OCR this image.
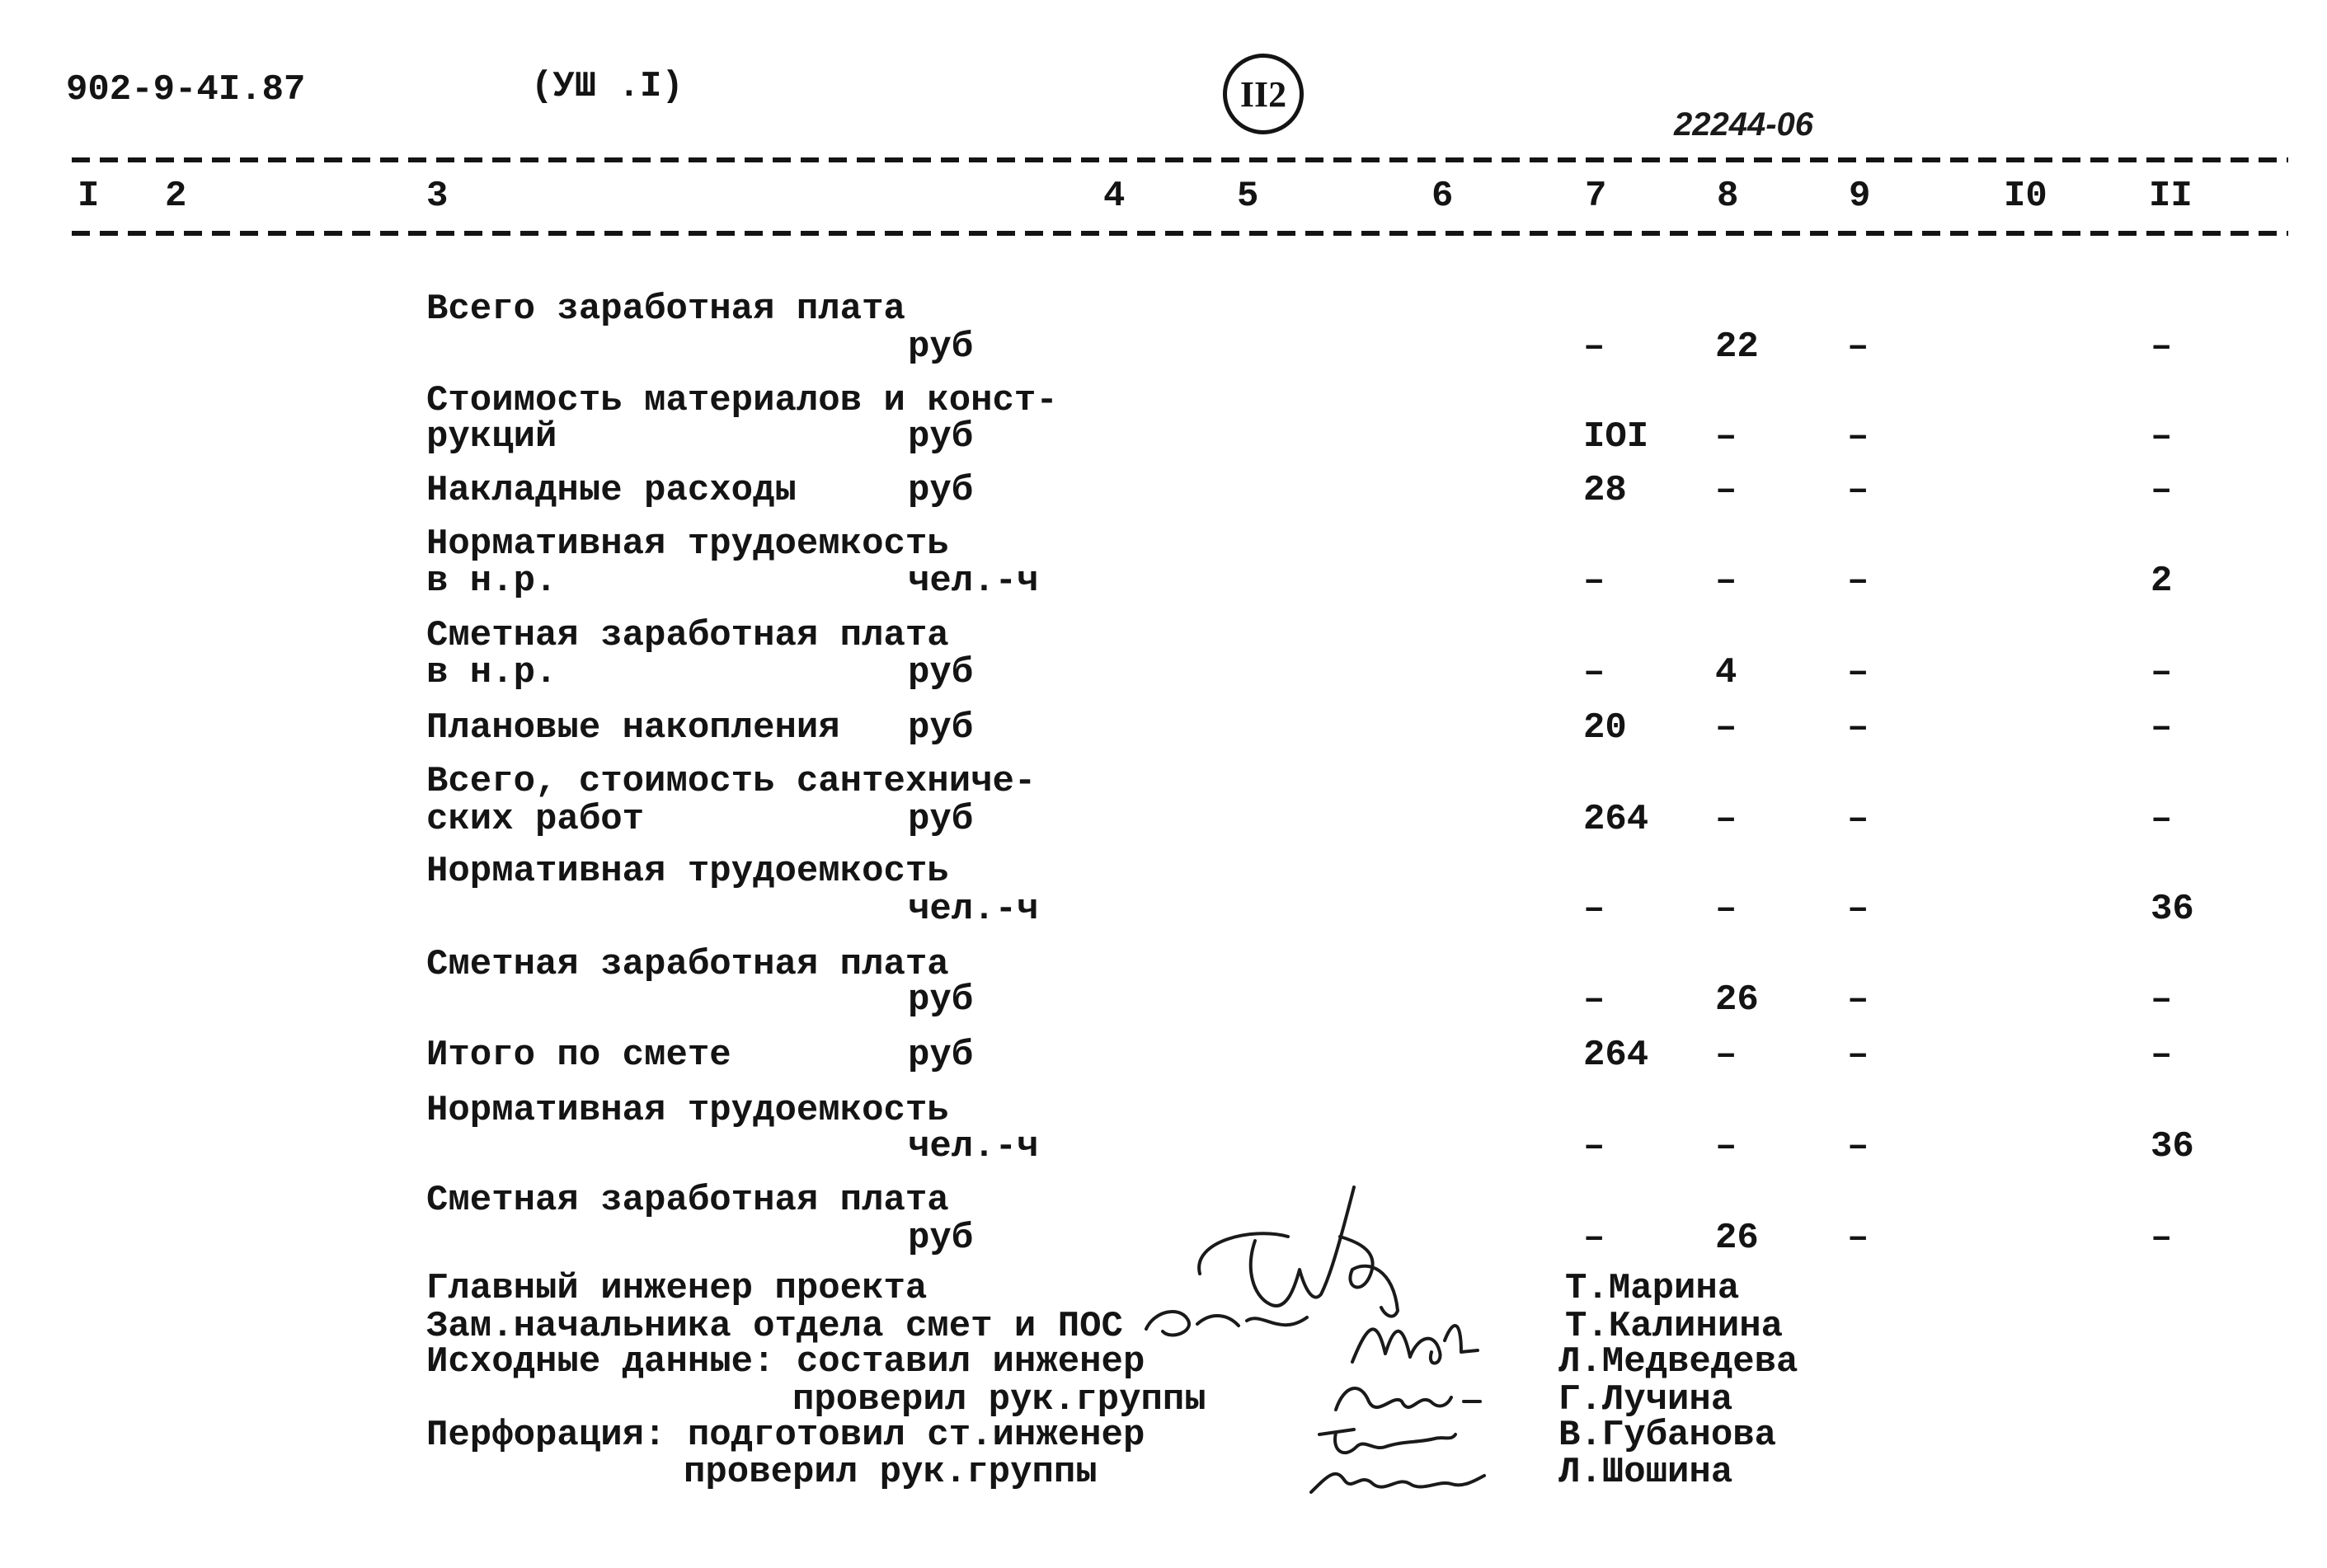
902-9-4I.87	(УШ .I)	II2
22244-06
I 2	3	4	5	6	7	8	9	I0	II
Всего заработная плата
руб	–	22 –	–
Стоимость материалов и конст-
рукций	руб	IOI –	–	–
Накладные расходы	руб	28 –	–	–
Нормативная трудоемкость
в н.р.	чел.-ч	–	–	–	2
Сметная заработная плата
в н.р.	руб	–	4	–	–
Плановые накопления руб	20 –	–	–
Всего, стоимость сантехниче-
ских работ	руб	264 –	–	–
Нормативная трудоемкость
чел.-ч	–	–	–	36
Сметная заработная плата
руб	–	26 –	–
Итого по смете	руб	264 –	–	–
Нормативная трудоемкость
чел.-ч	–	–	–	36
Сметная заработная плата
руб	–	26 –	–
Главный инженер проекта	Т.Марина
Зам.начальника отдела смет и ПОС	Т.Калинина
Исходные данные: составил инженер	Л.Медведева
проверил рук.группы	Г.Лучина
Перфорация: подготовил ст.инженер	В.Губанова
проверил рук.группы	Л.Шошина
